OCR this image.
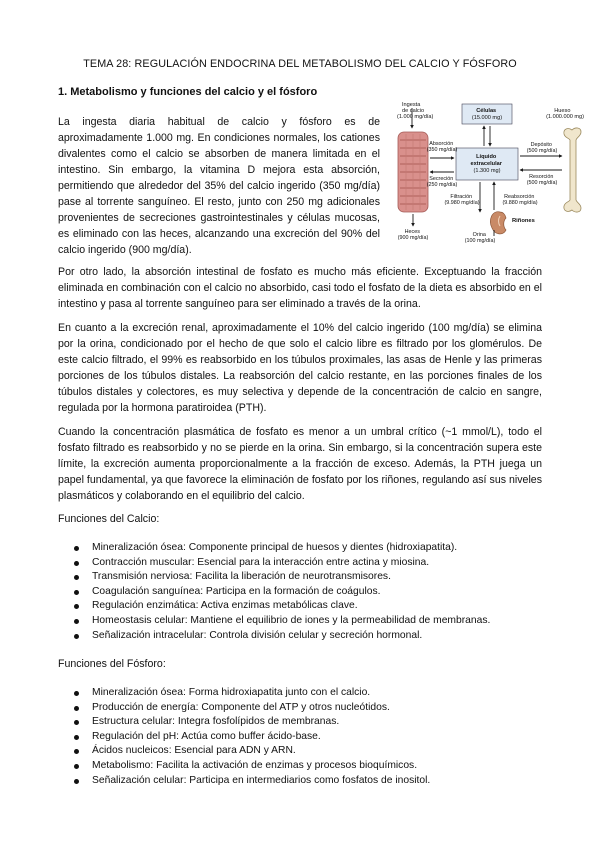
TEMA 28: REGULACIÓN ENDOCRINA DEL METABOLISMO DEL CALCIO Y FÓSFORO
1. Metabolismo y funciones del calcio y el fósforo
La ingesta diaria habitual de calcio y fósforo es de aproximadamente 1.000 mg. En condiciones normales, los cationes divalentes como el calcio se absorben de manera limitada en el intestino. Sin embargo, la vitamina D mejora esta absorción, permitiendo que alrededor del 35% del calcio ingerido (350 mg/día) pase al torrente sanguíneo. El resto, junto con 250 mg adicionales provenientes de secreciones gastrointestinales y células mucosas, es eliminado con las heces, alcanzando una excreción del 90% del calcio ingerido (900 mg/día).
Ingesta de calcio (1.000 mg/día)
Células (15.000 mg)
Hueso (1.000.000 mg)
Absorción (350 mg/día)
Líquido extracelular (1.300 mg)
Depósito (500 mg/día)
Secreción (250 mg/día)
Resorción (500 mg/día)
Filtración (9.980 mg/día)
Reabsorción (9.880 mg/día)
Heces (900 mg/día)
Riñones
Orina (100 mg/día)
Por otro lado, la absorción intestinal de fosfato es mucho más eficiente. Exceptuando la fracción eliminada en combinación con el calcio no absorbido, casi todo el fosfato de la dieta es absorbido en el intestino y pasa al torrente sanguíneo para ser eliminado a través de la orina.
En cuanto a la excreción renal, aproximadamente el 10% del calcio ingerido (100 mg/día) se elimina por la orina, condicionado por el hecho de que solo el calcio libre es filtrado por los glomérulos. De este calcio filtrado, el 99% es reabsorbido en los túbulos proximales, las asas de Henle y las primeras porciones de los túbulos distales. La reabsorción del calcio restante, en las porciones finales de los túbulos distales y colectores, es muy selectiva y depende de la concentración de calcio en sangre, regulada por la hormona paratiroidea (PTH).
Cuando la concentración plasmática de fosfato es menor a un umbral crítico (~1 mmol/L), todo el fosfato filtrado es reabsorbido y no se pierde en la orina. Sin embargo, si la concentración supera este límite, la excreción aumenta proporcionalmente a la fracción de exceso. Además, la PTH juega un papel fundamental, ya que favorece la eliminación de fosfato por los riñones, regulando así sus niveles plasmáticos y colaborando en el equilibrio del calcio.
Funciones del Calcio:
Mineralización ósea: Componente principal de huesos y dientes (hidroxiapatita).
Contracción muscular: Esencial para la interacción entre actina y miosina.
Transmisión nerviosa: Facilita la liberación de neurotransmisores.
Coagulación sanguínea: Participa en la formación de coágulos.
Regulación enzimática: Activa enzimas metabólicas clave.
Homeostasis celular: Mantiene el equilibrio de iones y la permeabilidad de membranas.
Señalización intracelular: Controla división celular y secreción hormonal.
Funciones del Fósforo:
Mineralización ósea: Forma hidroxiapatita junto con el calcio.
Producción de energía: Componente del ATP y otros nucleótidos.
Estructura celular: Integra fosfolípidos de membranas.
Regulación del pH: Actúa como buffer ácido-base.
Ácidos nucleicos: Esencial para ADN y ARN.
Metabolismo: Facilita la activación de enzimas y procesos bioquímicos.
Señalización celular: Participa en intermediarios como fosfatos de inositol.
